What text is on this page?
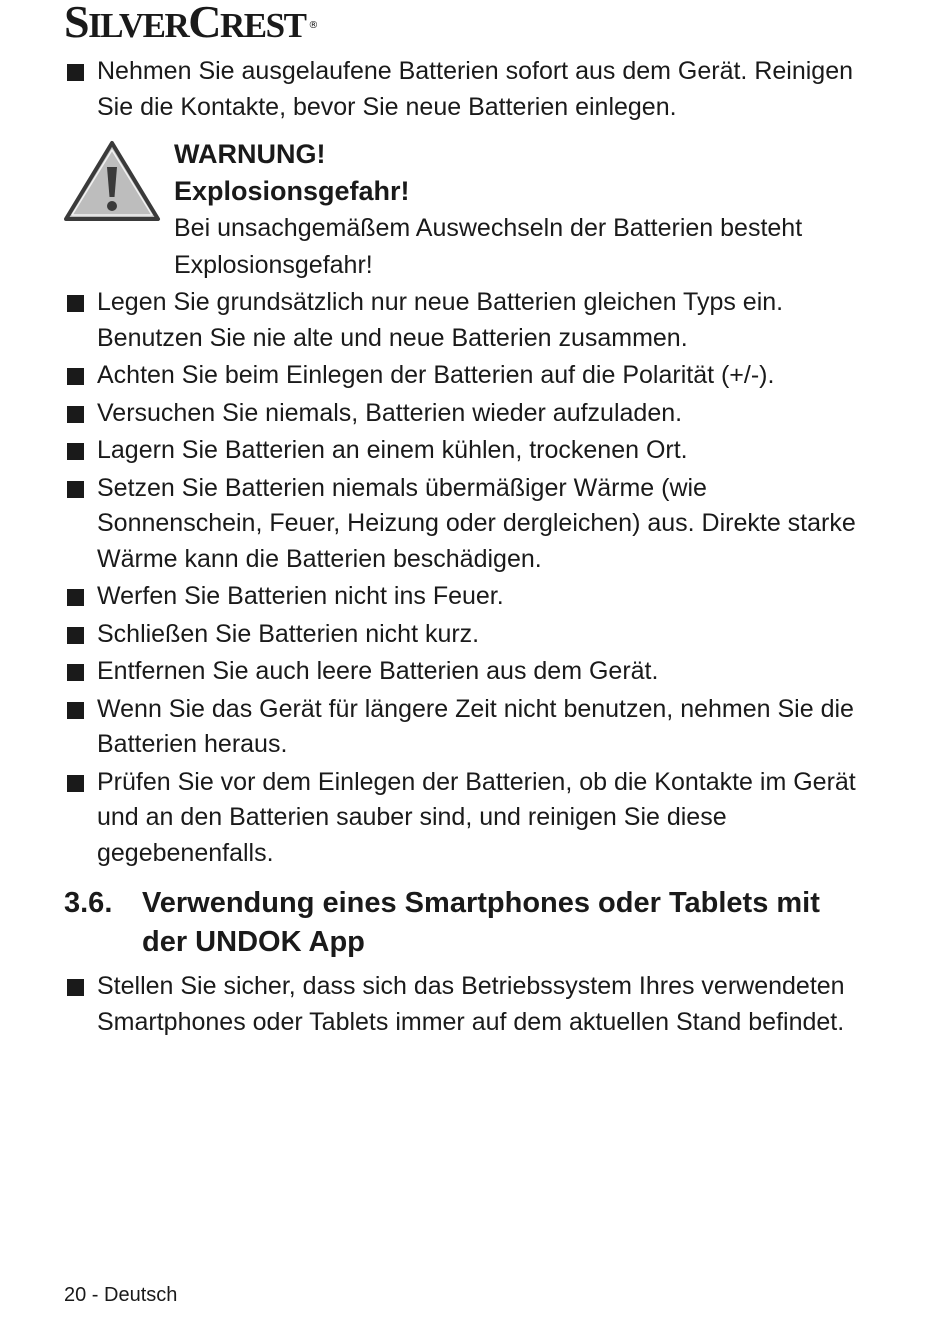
SILVERCREST ®
Nehmen Sie ausgelaufene Batterien sofort aus dem Gerät. Reinigen Sie die Kontakte, bevor Sie neue Batterien einlegen.
WARNUNG!
Explosionsgefahr!
Bei unsachgemäßem Auswechseln der Batterien besteht Explosionsgefahr!
Legen Sie grundsätzlich nur neue Batterien gleichen Typs ein. Benutzen Sie nie alte und neue Batterien zusammen.
Achten Sie beim Einlegen der Batterien auf die Polarität (+/-).
Versuchen Sie niemals, Batterien wieder aufzuladen.
Lagern Sie Batterien an einem kühlen, trockenen Ort.
Setzen Sie Batterien niemals übermäßiger Wärme (wie Sonnenschein, Feuer, Heizung oder dergleichen) aus. Direkte starke Wärme kann die Batterien beschädigen.
Werfen Sie Batterien nicht ins Feuer.
Schließen Sie Batterien nicht kurz.
Entfernen Sie auch leere Batterien aus dem Gerät.
Wenn Sie das Gerät für längere Zeit nicht benutzen, nehmen Sie die Batterien heraus.
Prüfen Sie vor dem Einlegen der Batterien, ob die Kontakte im Gerät und an den Batterien sauber sind, und reinigen Sie diese gegebenenfalls.
3.6. Verwendung eines Smartphones oder Tablets mit der UNDOK App
Stellen Sie sicher, dass sich das Betriebssystem Ihres verwendeten Smartphones oder Tablets immer auf dem aktuellen Stand befindet.
20 - Deutsch
